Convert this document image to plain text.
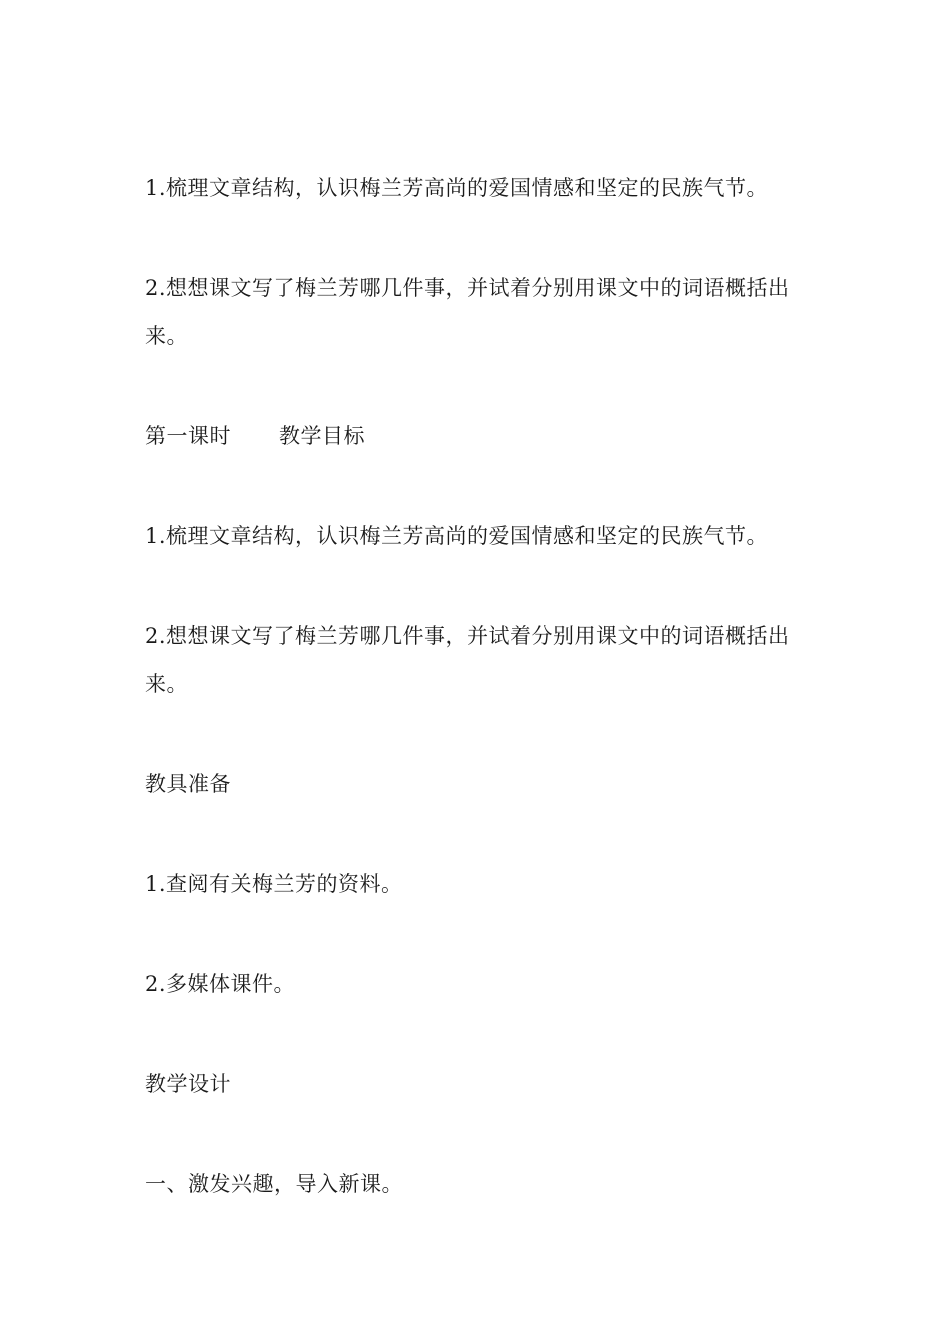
1.梳理文章结构，认识梅兰芳高尚的爱国情感和坚定的民族气节。

2.想想课文写了梅兰芳哪几件事，并试着分别用课文中的词语概括出来。

第一课时 教学目标

1.梳理文章结构，认识梅兰芳高尚的爱国情感和坚定的民族气节。

2.想想课文写了梅兰芳哪几件事，并试着分别用课文中的词语概括出来。

教具准备

1.查阅有关梅兰芳的资料。

2.多媒体课件。

教学设计

一、激发兴趣，导入新课。
